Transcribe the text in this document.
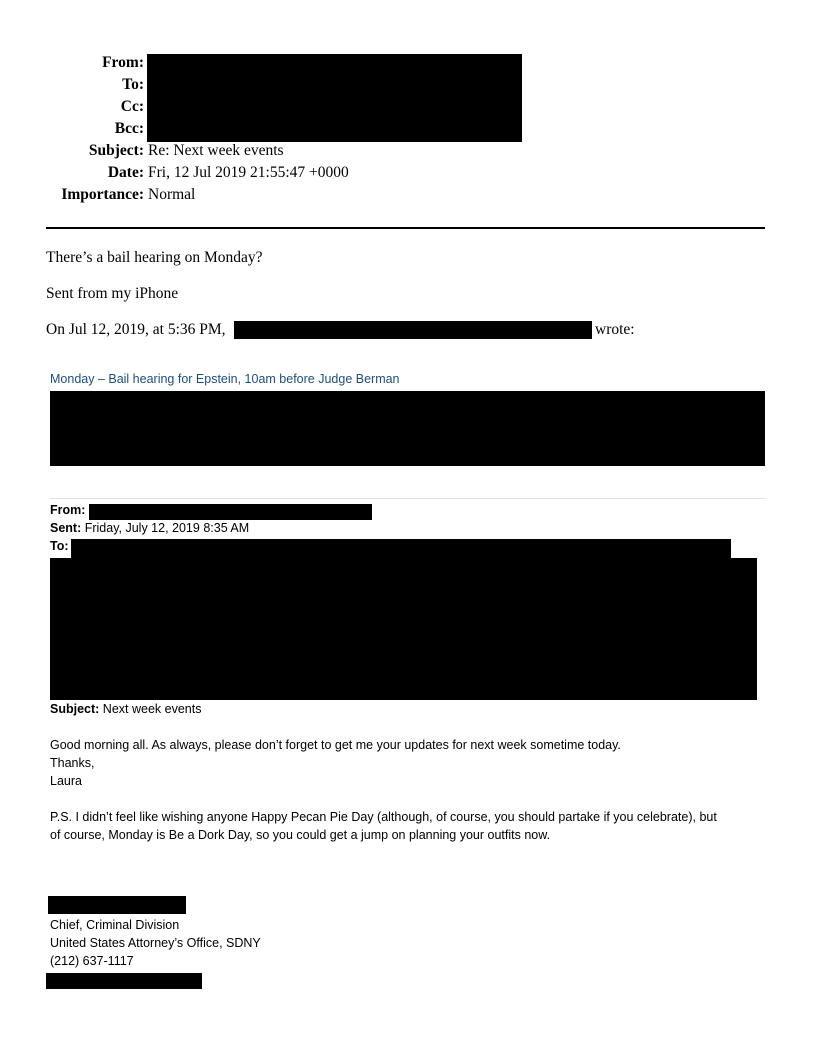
From:
To:
Cc:
Bcc:
Subject: Re: Next week events
Date: Fri, 12 Jul 2019 21:55:47 +0000
Importance: Normal
There’s a bail hearing on Monday?
Sent from my iPhone
On Jul 12, 2019, at 5:36 PM,	wrote:
Monday – Bail hearing for Epstein, 10am before Judge Berman
From:
Sent: Friday, July 12, 2019 8:35 AM
To:
Subject: Next week events
Good morning all. As always, please don’t forget to get me your updates for next week sometime today.
Thanks,
Laura
P.S. I didn’t feel like wishing anyone Happy Pecan Pie Day (although, of course, you should partake if you celebrate), but
of course, Monday is Be a Dork Day, so you could get a jump on planning your outfits now.
Chief, Criminal Division
United States Attorney’s Office, SDNY
(212) 637-1117
